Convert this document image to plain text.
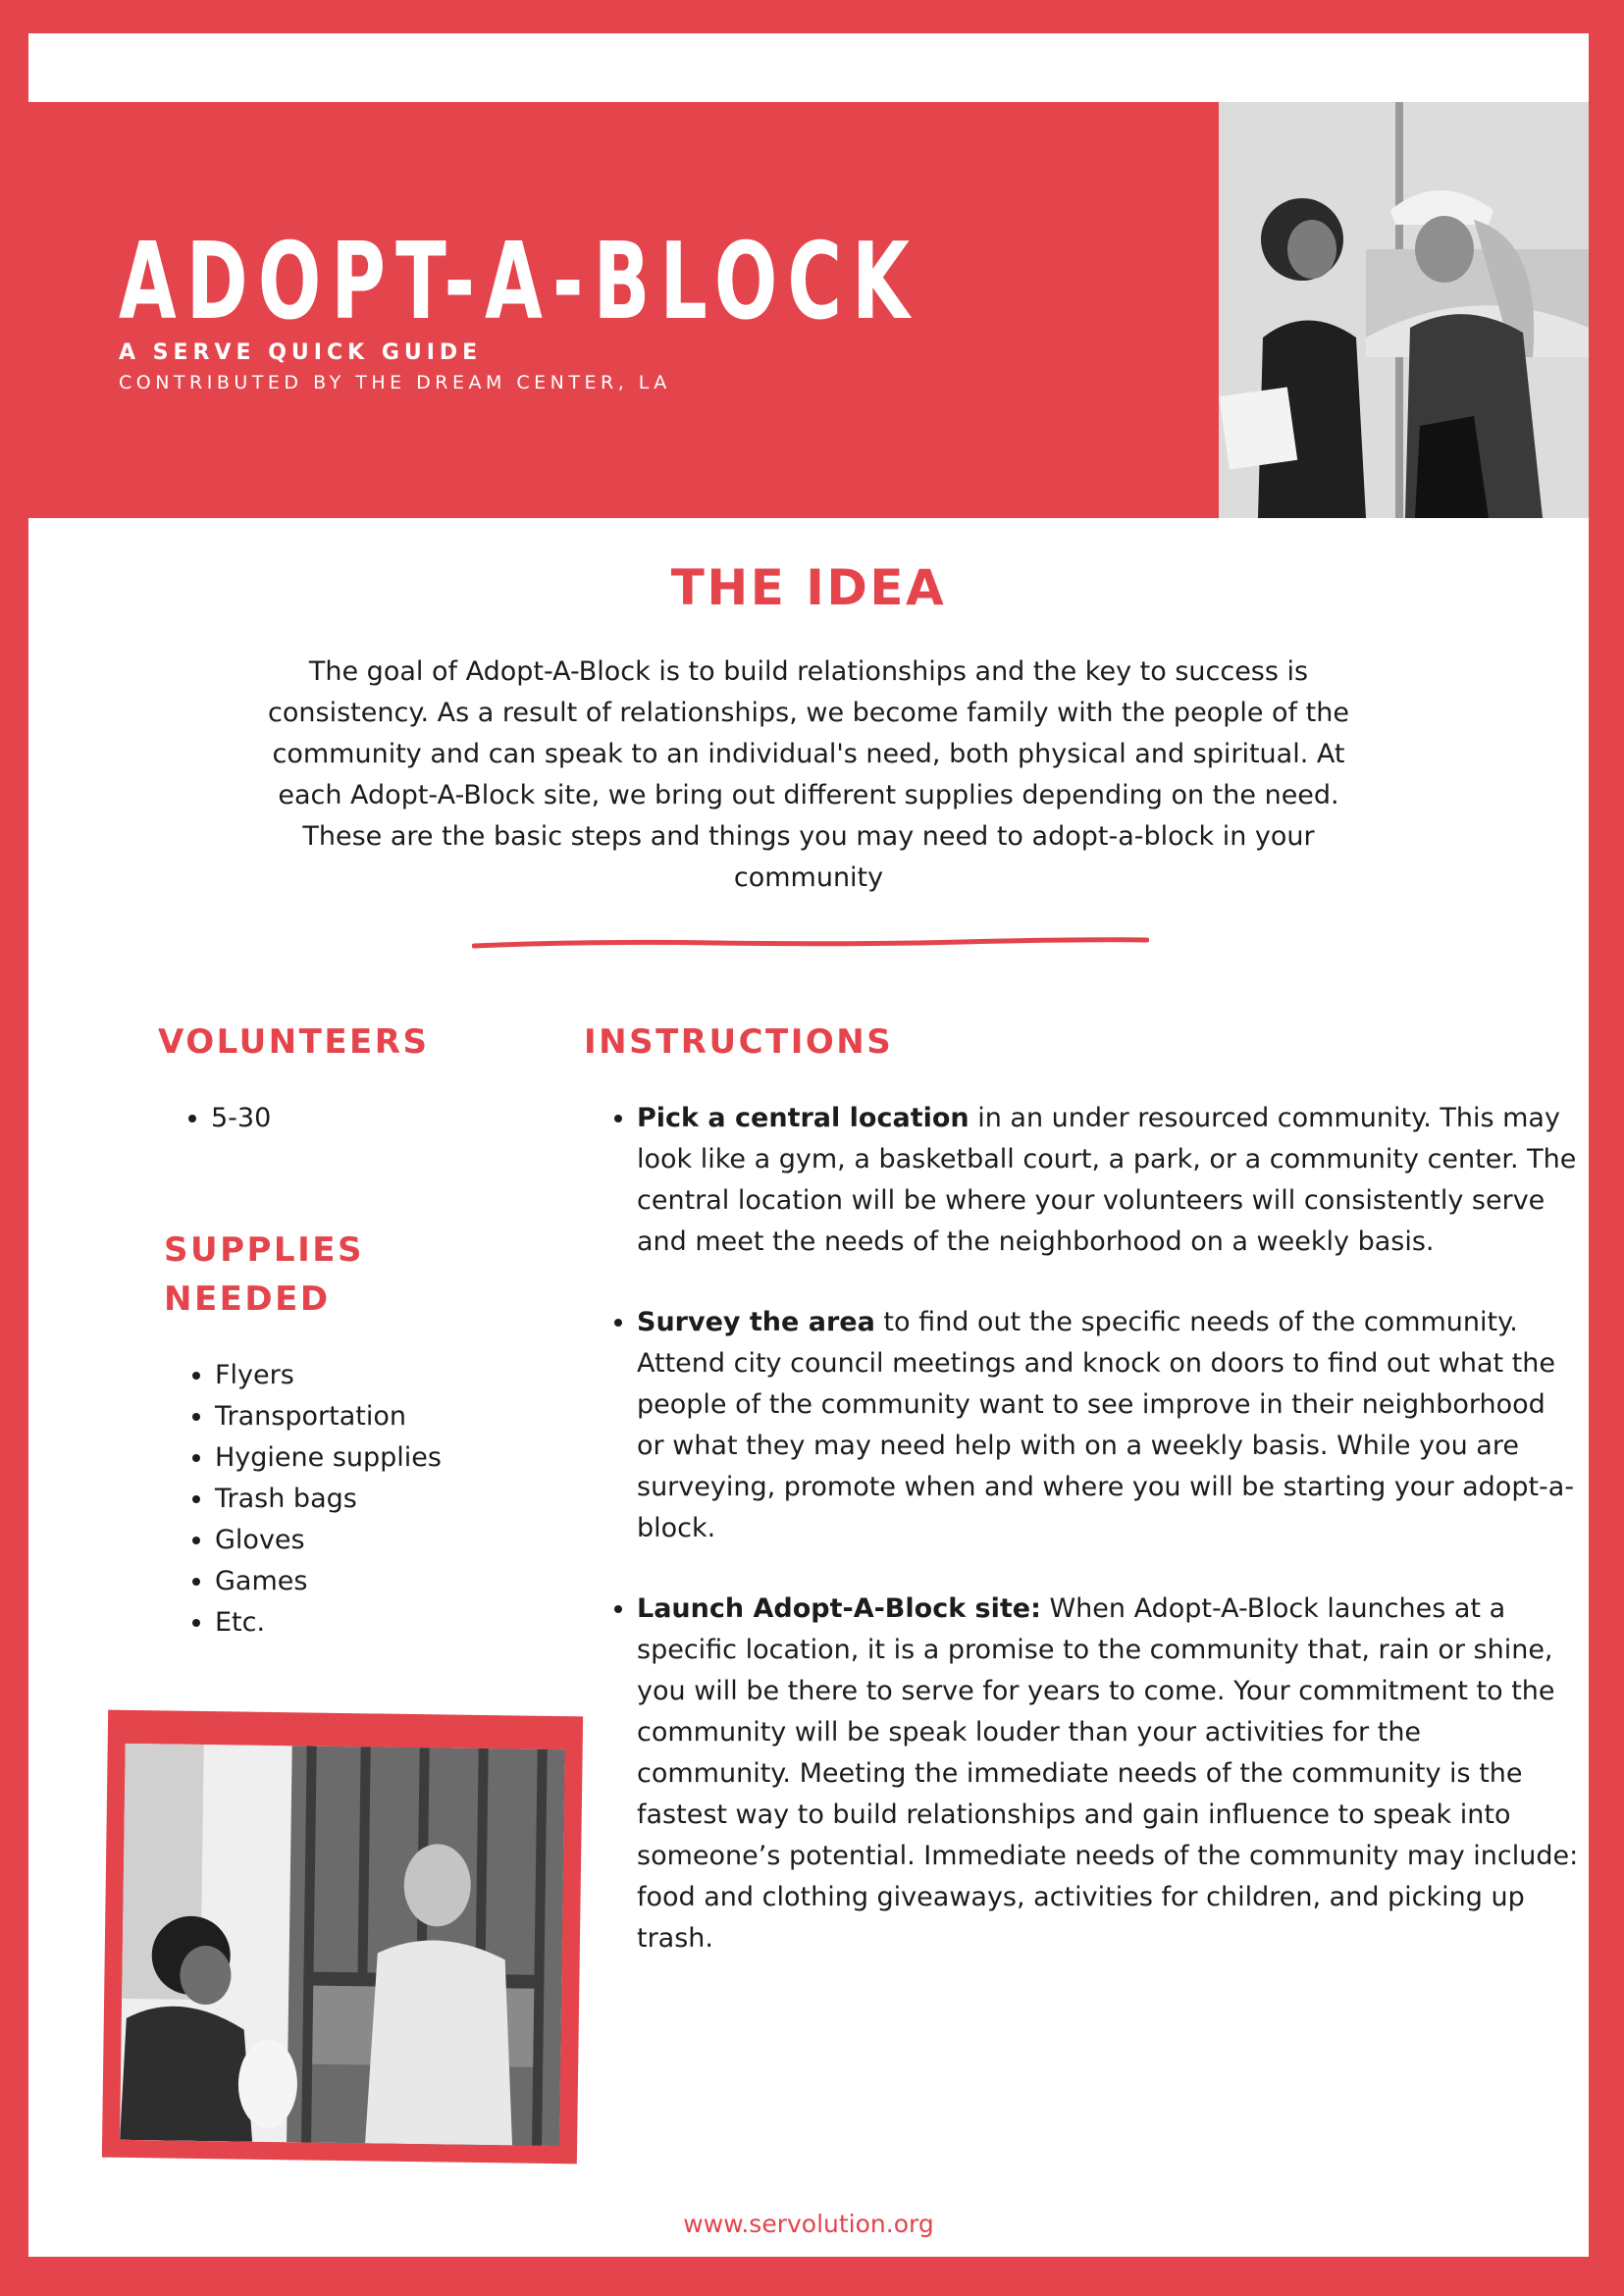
ADOPT-A-BLOCK
A SERVE QUICK GUIDE
CONTRIBUTED BY THE DREAM CENTER, LA
THE IDEA

The goal of Adopt-A-Block is to build relationships and the key to success is consistency. As a result of relationships, we become family with the people of the community and can speak to an individual's need, both physical and spiritual. At each Adopt-A-Block site, we bring out different supplies depending on the need. These are the basic steps and things you may need to adopt-a-block in your community

VOLUNTEERS
• 5-30
SUPPLIES
NEEDED
• Flyers
• Transportation
• Hygiene supplies
• Trash bags
• Gloves
• Games
• Etc.
INSTRUCTIONS
• Pick a central location in an under resourced community. This may look like a gym, a basketball court, a park, or a community center. The central location will be where your volunteers will consistently serve and meet the needs of the neighborhood on a weekly basis.
• Survey the area to find out the specific needs of the community. Attend city council meetings and knock on doors to find out what the people of the community want to see improve in their neighborhood or what they may need help with on a weekly basis. While you are surveying, promote when and where you will be starting your adopt-a-block.
• Launch Adopt-A-Block site: When Adopt-A-Block launches at a specific location, it is a promise to the community that, rain or shine, you will be there to serve for years to come. Your commitment to the community will be speak louder than your activities for the community. Meeting the immediate needs of the community is the fastest way to build relationships and gain influence to speak into someone’s potential. Immediate needs of the community may include: food and clothing giveaways, activities for children, and picking up trash.
www.servolution.org
